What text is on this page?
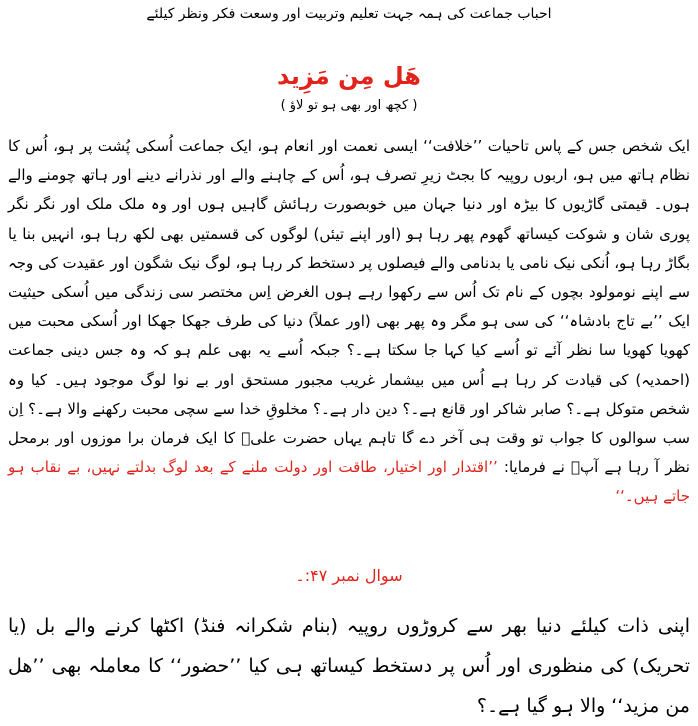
احباب جماعت کی ہمہ جہت تعلیم وتربیت اور وسعت فکر ونظر کیلئے
ھَل مِن مَزِید
( کچھ اور بھی ہو تو لاؤ )
ایک شخص جس کے پاس تاحیات ’’خلافت‘‘ ایسی نعمت اور انعام ہو، ایک جماعت اُسکی پُشت پر ہو، اُس کا نظام ہاتھ میں ہو، اربوں روپیہ کا بجٹ زیرِ تصرف ہو، اُس کے چاہنے والے اور نذرانے دینے اور ہاتھ چومنے والے ہوں۔ قیمتی گاڑیوں کا بیڑہ اور دنیا جہان میں خوبصورت رہائش گاہیں ہوں اور وہ ملک ملک اور نگر نگر پوری شان و شوکت کیساتھ گھوم پھر رہا ہو (اور اپنے تیئں) لوگوں کی قسمتیں بھی لکھ رہا ہو، انہیں بنا یا بگاڑ رہا ہو، اُنکی نیک نامی یا بدنامی والے فیصلوں پر دستخط کر رہا ہو، لوگ نیک شگون اور عقیدت کی وجہ سے اپنے نومولود بچوں کے نام تک اُس سے رکھوا رہے ہوں الغرض اِس مختصر سی زندگی میں اُسکی حیثیت ایک ’’بے تاج بادشاہ‘‘ کی سی ہو مگر وہ پھر بھی (اور عملاً) دنیا کی طرف جھکا جھکا اور اُسکی محبت میں کھویا کھویا سا نظر آئے تو اُسے کیا کہا جا سکتا ہے۔؟ جبکہ اُسے یہ بھی علم ہو کہ وہ جس دینی جماعت (احمدیہ) کی قیادت کر رہا ہے اُس میں بیشمار غریب مجبور مستحق اور بے نوا لوگ موجود ہیں۔ کیا وہ شخص متوکل ہے۔؟ صابر شاکر اور قانع ہے۔؟ دین دار ہے۔؟ مخلوقِ خدا سے سچی محبت رکھنے والا ہے۔؟ اِن سب سوالوں کا جواب تو وقت ہی آخر دے گا تاہم یہاں حضرت علیؓ کا ایک فرمان برا موزوں اور برمحل نظر آ رہا ہے آپؓ نے فرمایا: ’’اقتدار اور اختیار، طاقت اور دولت ملنے کے بعد لوگ بدلتے نہیں، بے نقاب ہو جاتے ہیں۔‘‘
سوال نمبر ۴۷:۔
اپنی ذات کیلئے دنیا بھر سے کروڑوں روپیہ (بنام شکرانہ فنڈ) اکٹھا کرنے والے بل (یا تحریک) کی منظوری اور اُس پر دستخط کیساتھ ہی کیا ’’حضور‘‘ کا معاملہ بھی ’’ھل من مزید‘‘ والا ہو گیا ہے۔؟
